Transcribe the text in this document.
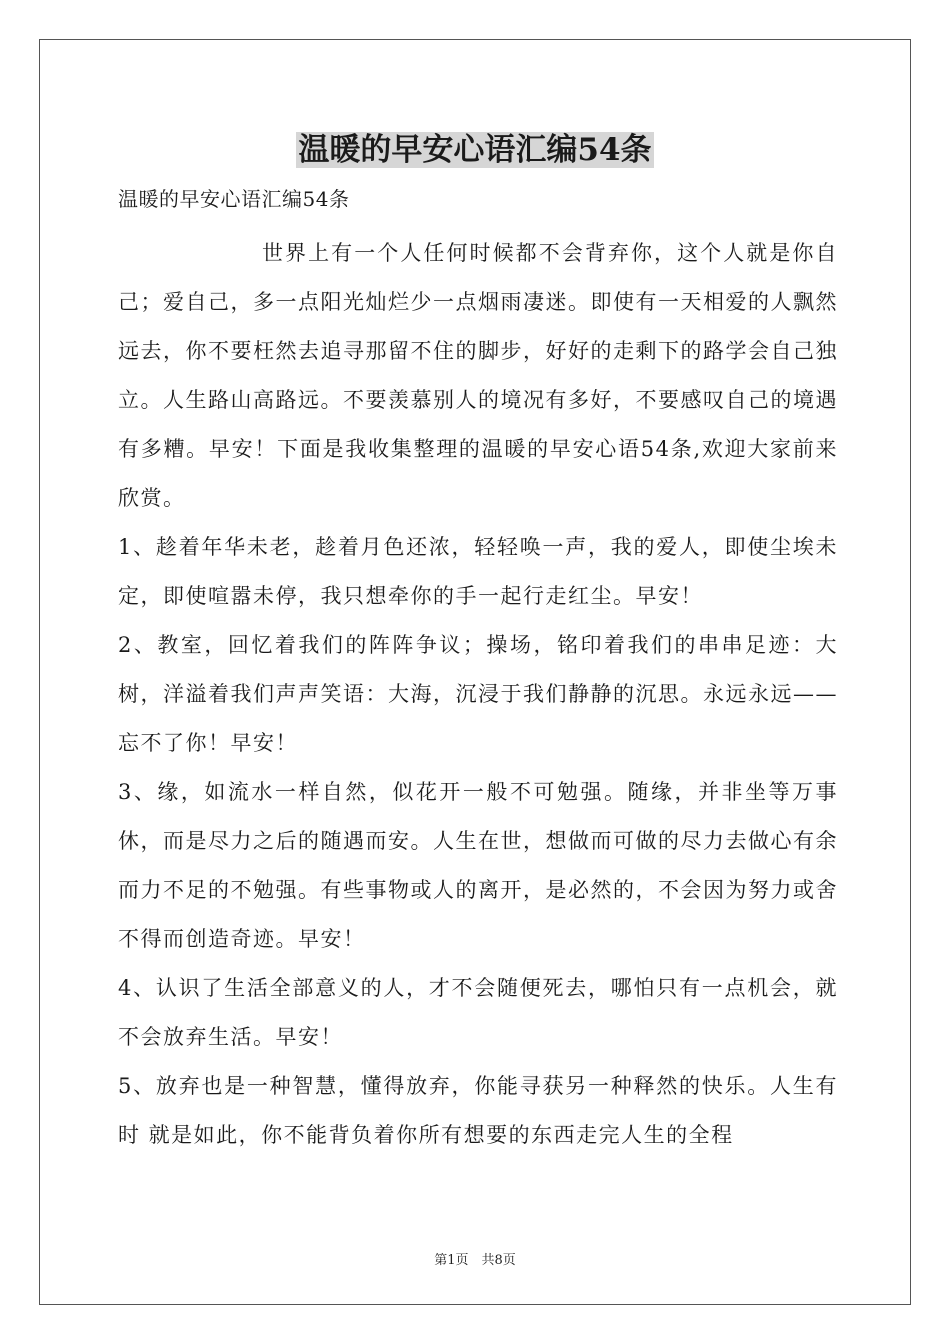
温暖的早安心语汇编54条

温暖的早安心语汇编54条

世界上有一个人任何时候都不会背弃你，这个人就是你自己；爱自己，多一点阳光灿烂少一点烟雨凄迷。即使有一天相爱的人飘然远去，你不要枉然去追寻那留不住的脚步，好好的走剩下的路学会自己独立。人生路山高路远。不要羡慕别人的境况有多好，不要感叹自己的境遇有多糟。早安！下面是我收集整理的温暖的早安心语54条,欢迎大家前来欣赏。

1、趁着年华未老，趁着月色还浓，轻轻唤一声，我的爱人，即使尘埃未定，即使喧嚣未停，我只想牵你的手一起行走红尘。早安！

2、教室，回忆着我们的阵阵争议；操场，铭印着我们的串串足迹：大树，洋溢着我们声声笑语：大海，沉浸于我们静静的沉思。永远永远——忘不了你！早安！

3、缘，如流水一样自然，似花开一般不可勉强。随缘，并非坐等万事休，而是尽力之后的随遇而安。人生在世，想做而可做的尽力去做心有余而力不足的不勉强。有些事物或人的离开，是必然的，不会因为努力或舍不得而创造奇迹。早安！

4、认识了生活全部意义的人，才不会随便死去，哪怕只有一点机会，就不会放弃生活。早安！

5、放弃也是一种智慧，懂得放弃，你能寻获另一种释然的快乐。人生有时 就是如此，你不能背负着你所有想要的东西走完人生的全程

第1页　共8页
